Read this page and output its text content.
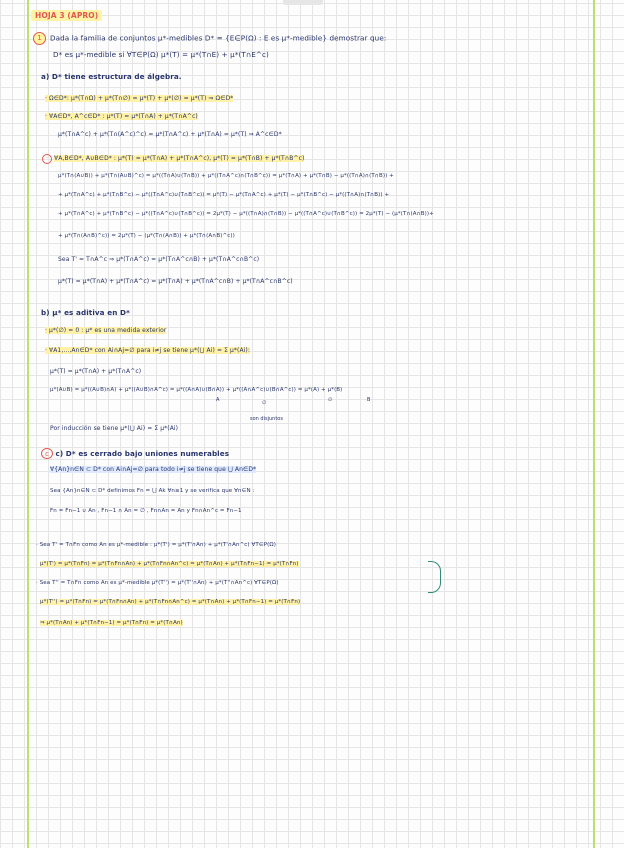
HOJA 3 (APRO)
1 Dada la familia de conjuntos μ*-medibles D* = {E∈P(Ω) : E es μ*-medible} demostrar que:
D* es μ*-medible si ∀T∈P(Ω) μ*(T) = μ*(T∩E) + μ*(T∩E^c)
a) D* tiene estructura de álgebra.
· Ω∈D*: μ*(T∩Ω) + μ*(T∩∅) = μ*(T) + μ*(∅) = μ*(T) ⇒ Ω∈D*
· ∀A∈D*, A^c∈D* : μ*(T) = μ*(T∩A) + μ*(T∩A^c)
μ*(T∩A^c) + μ*(T∩(A^c)^c) = μ*(T∩A^c) + μ*(T∩A) = μ*(T) ⇒ A^c∈D*
· ∀A,B∈D*, A∪B∈D* : μ*(T) = μ*(T∩A) + μ*(T∩A^c), μ*(T) = μ*(T∩B) + μ*(T∩B^c)
μ*(T∩(A∪B)) + μ*(T∩(A∪B)^c) = μ*((T∩A)∪(T∩B)) + μ*((T∩A^c)∩(T∩B^c)) = μ*(T∩A) + μ*(T∩B) − μ*((T∩A)∩(T∩B)) +
+ μ*(T∩A^c) + μ*(T∩B^c) − μ*((T∩A^c)∪(T∩B^c)) = μ*(T) − μ*(T∩A^c) + μ*(T) − μ*(T∩B^c) − μ*((T∩A)∩(T∩B)) +
+ μ*(T∩A^c) + μ*(T∩B^c) − μ*((T∩A^c)∪(T∩B^c)) = 2μ*(T) − μ*((T∩A)∩(T∩B)) − μ*((T∩A^c)∪(T∩B^c)) = 2μ*(T) − (μ*(T∩(A∩B))+
+ μ*(T∩(A∩B)^c)) = 2μ*(T) − (μ*(T∩(A∩B)) + μ*(T∩(A∩B)^c))
Sea T' = T∩A^c ⇒ μ*(T∩A^c) = μ*(T∩A^c∩B) + μ*(T∩A^c∩B^c)
μ*(T) = μ*(T∩A) + μ*(T∩A^c) = μ*(T∩A) + μ*(T∩A^c∩B) + μ*(T∩A^c∩B^c)
b) μ* es aditiva en D*
· μ*(∅) = 0 : μ* es una medida exterior
· ∀A1,...,An∈D* con Ai∩Aj=∅ para i≠j se tiene μ*(⋃ Ai) = Σ μ*(Ai):
μ*(T) = μ*(T∩A) + μ*(T∩A^c)
μ*(A∪B) = μ*((A∪B)∩A) + μ*((A∪B)∩A^c) = μ*((A∩A)∪(B∩A)) + μ*((A∩A^c)∪(B∩A^c)) = μ*(A) + μ*(B)
A	∅	∅	B
son disjuntos
Por inducción se tiene μ*(⋃ Ai) = Σ μ*(Ai)
c c) D* es cerrado bajo uniones numerables
∀{An}n∈N ⊂ D* con Ai∩Aj=∅ para todo i≠j se tiene que ⋃ An∈D*
Sea {An}n∈N ⊂ D* definimos Fn = ⋃ Ak ∀n≥1 y se verifica que ∀n∈N :
Fn = Fn−1 ∪ An , Fn−1 ∩ An = ∅ , Fn∩An = An y Fn∩An^c = Fn−1
· Sea T' = T∩Fn como An es μ*-medible : μ*(T') = μ*(T'∩An) + μ*(T'∩An^c) ∀T∈P(Ω)
μ*(T') = μ*(T∩Fn) = μ*(T∩Fn∩An) + μ*(T∩Fn∩An^c) = μ*(T∩An) + μ*(T∩Fn−1) = μ*(T∩Fn)
· Sea T'' = T∩Fn como An es μ*-medible μ*(T'') = μ*(T''∩An) + μ*(T''∩An^c) ∀T∈P(Ω)
μ*(T'') = μ*(T∩Fn) = μ*(T∩Fn∩An) + μ*(T∩Fn∩An^c) = μ*(T∩An) + μ*(T∩Fn−1) = μ*(T∩Fn)
⇒ μ*(T∩An) + μ*(T∩Fn−1) = μ*(T∩Fn) = μ*(T∩An)
